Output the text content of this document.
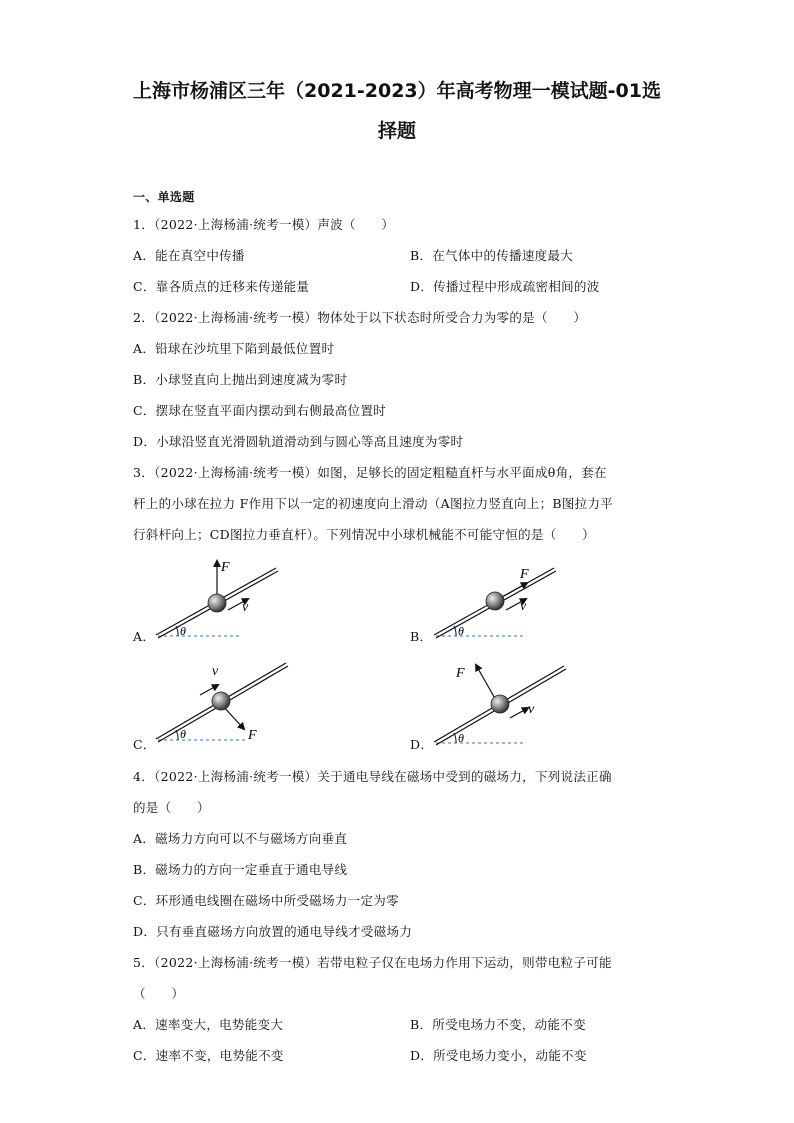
上海市杨浦区三年（2021-2023）年高考物理一模试题-01选
择题
一、单选题
1．（2022·上海杨浦·统考一模）声波（　　）
A．能在真空中传播	B．在气体中的传播速度最大
C．靠各质点的迁移来传递能量	D．传播过程中形成疏密相间的波
2．（2022·上海杨浦·统考一模）物体处于以下状态时所受合力为零的是（　　）
A．铅球在沙坑里下陷到最低位置时
B．小球竖直向上抛出到速度减为零时
C．摆球在竖直平面内摆动到右侧最高位置时
D．小球沿竖直光滑圆轨道滑动到与圆心等高且速度为零时
3．（2022·上海杨浦·统考一模）如图，足够长的固定粗糙直杆与水平面成θ角，套在
杆上的小球在拉力 F作用下以一定的初速度向上滑动（A图拉力竖直向上；B图拉力平
行斜杆向上；CD图拉力垂直杆）。下列情况中小球机械能不可能守恒的是（　　）
A．	B．
C．	D．
θ
F
v
θ
F
v
θ
v
F	θ
F
v
4．（2022·上海杨浦·统考一模）关于通电导线在磁场中受到的磁场力，下列说法正确
的是（　　）
A．磁场力方向可以不与磁场方向垂直
B．磁场力的方向一定垂直于通电导线
C．环形通电线圈在磁场中所受磁场力一定为零
D．只有垂直磁场方向放置的通电导线才受磁场力
5．（2022·上海杨浦·统考一模）若带电粒子仅在电场力作用下运动，则带电粒子可能
（　　）
A．速率变大，电势能变大	B．所受电场力不变，动能不变
C．速率不变，电势能不变	D．所受电场力变小，动能不变
